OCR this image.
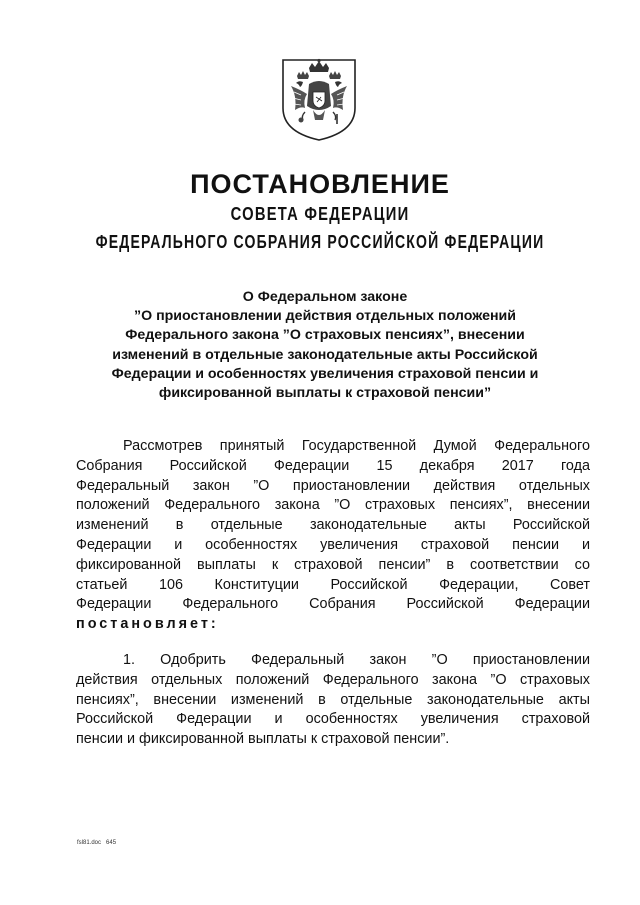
ПОСТАНОВЛЕНИЕ
СОВЕТА ФЕДЕРАЦИИ
ФЕДЕРАЛЬНОГО СОБРАНИЯ РОССИЙСКОЙ ФЕДЕРАЦИИ
О Федеральном законе
”О приостановлении действия отдельных положений
Федерального закона ”О страховых пенсиях”, внесении
изменений в отдельные законодательные акты Российской
Федерации и особенностях увеличения страховой пенсии и
фиксированной выплаты к страховой пенсии”
Рассмотрев принятый Государственной Думой Федерального
Собрания Российской Федерации 15 декабря 2017 года
Федеральный закон ”О приостановлении действия отдельных
положений Федерального закона ”О страховых пенсиях”, внесении
изменений в отдельные законодательные акты Российской
Федерации и особенностях увеличения страховой пенсии и
фиксированной выплаты к страховой пенсии” в соответствии со
статьей 106 Конституции Российской Федерации, Совет
Федерации Федерального Собрания Российской Федерации
постановляет:
1. Одобрить Федеральный закон ”О приостановлении
действия отдельных положений Федерального закона ”О страховых
пенсиях”, внесении изменений в отдельные законодательные акты
Российской Федерации и особенностях увеличения страховой
пенсии и фиксированной выплаты к страховой пенсии”.
fsl81.doc 645
